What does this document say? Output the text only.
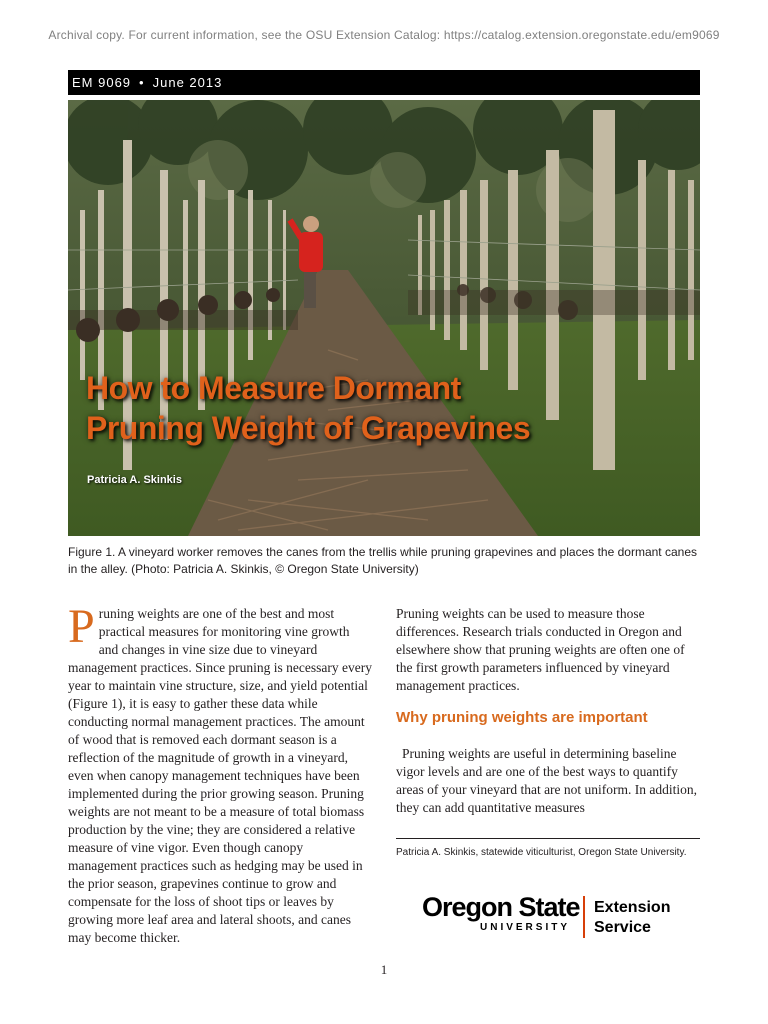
Archival copy. For current information, see the OSU Extension Catalog: https://catalog.extension.oregonstate.edu/em9069
EM 9069 • June 2013
How to Measure Dormant
Pruning Weight of Grapevines
Patricia A. Skinkis
Figure 1. A vineyard worker removes the canes from the trellis while pruning grapevines and places the dormant canes in the alley. (Photo: Patricia A. Skinkis, © Oregon State University)

Pruning weights are one of the best and most practical measures for monitoring vine growth and changes in vine size due to vineyard management practices. Since pruning is necessary every year to maintain vine structure, size, and yield potential (Figure 1), it is easy to gather these data while conducting normal management practices. The amount of wood that is removed each dormant season is a reflection of the magnitude of growth in a vineyard, even when canopy management techniques have been implemented during the prior growing season. Pruning weights are not meant to be a measure of total biomass production by the vine; they are considered a relative measure of vine vigor. Even though canopy management practices such as hedging may be used in the prior season, grapevines continue to grow and compensate for the loss of shoot tips or leaves by growing more leaf area and lateral shoots, and canes may become thicker.

Pruning weights can be used to measure those differences. Research trials conducted in Oregon and elsewhere show that pruning weights are often one of the first growth parameters influenced by vineyard management practices.

Why pruning weights are important

Pruning weights are useful in determining baseline vigor levels and are one of the best ways to quantify areas of your vineyard that are not uniform. In addition, they can add quantitative measures

Patricia A. Skinkis, statewide viticulturist, Oregon State University.
Oregon State
UNIVERSITY
Extension
Service
1
